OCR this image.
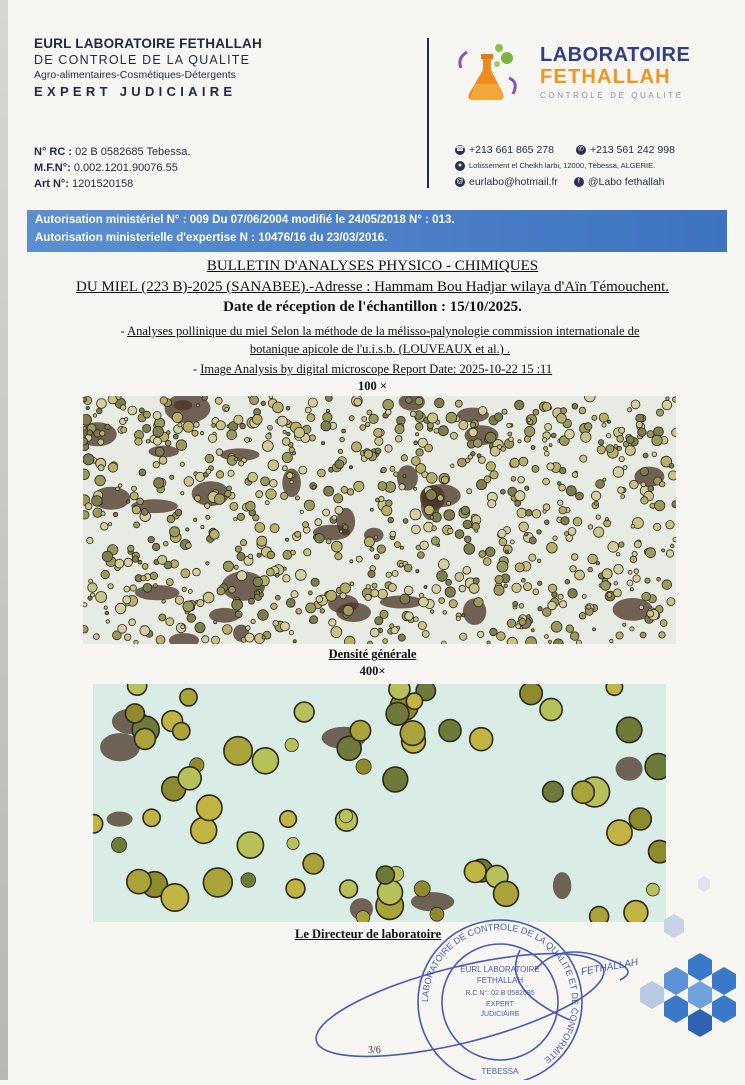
EURL LABORATOIRE FETHALLAH
DE CONTROLE DE LA QUALITE
Agro-alimentaires-Cosmétiques-Détergents
EXPERT JUDICIAIRE
LABORATOIRE
FETHALLAH
CONTROLE DE QUALITE
N° RC : 02 B 0582685 Tebessa.
M.F.N°: 0.002.1201.90076.55
Art N°: 1201520158
☎ +213 661 865 278	✆ +213 561 242 998
● Lotissement el Cheikh larbi, 12000, Tébessa, ALGERIE.
@ eurlabo@hotmail.fr	f @Labo fethallah
Autorisation ministériel N° : 009 Du 07/06/2004 modifié le 24/05/2018 N° : 013.
Autorisation ministerielle d'expertise N : 10476/16 du 23/03/2016.
BULLETIN D'ANALYSES PHYSICO - CHIMIQUES
DU MIEL (223 B)-2025 (SANABEE).-Adresse : Hammam Bou Hadjar wilaya d'Aïn Témouchent.
Date de réception de l'échantillon : 15/10/2025.
- Analyses pollinique du miel Selon la méthode de la mélisso-palynologie commission internationale de
botanique apicole de l'u.i.s.b. (LOUVEAUX et al.) .
- Image Analysis by digital microscope Report Date: 2025-10-22 15 :11
100 ×
Densité générale
400×
Le Directeur de laboratoire
3/6
LABORATOIRE DE CONTROLE DE LA QUALITE ET DE CONFORMITE
EURL LABORATOIRE
FETHALLAH
R.C N°: 02 B 0582685
EXPERT
JUDICIAIRE
TEBESSA
FETHALLAH
